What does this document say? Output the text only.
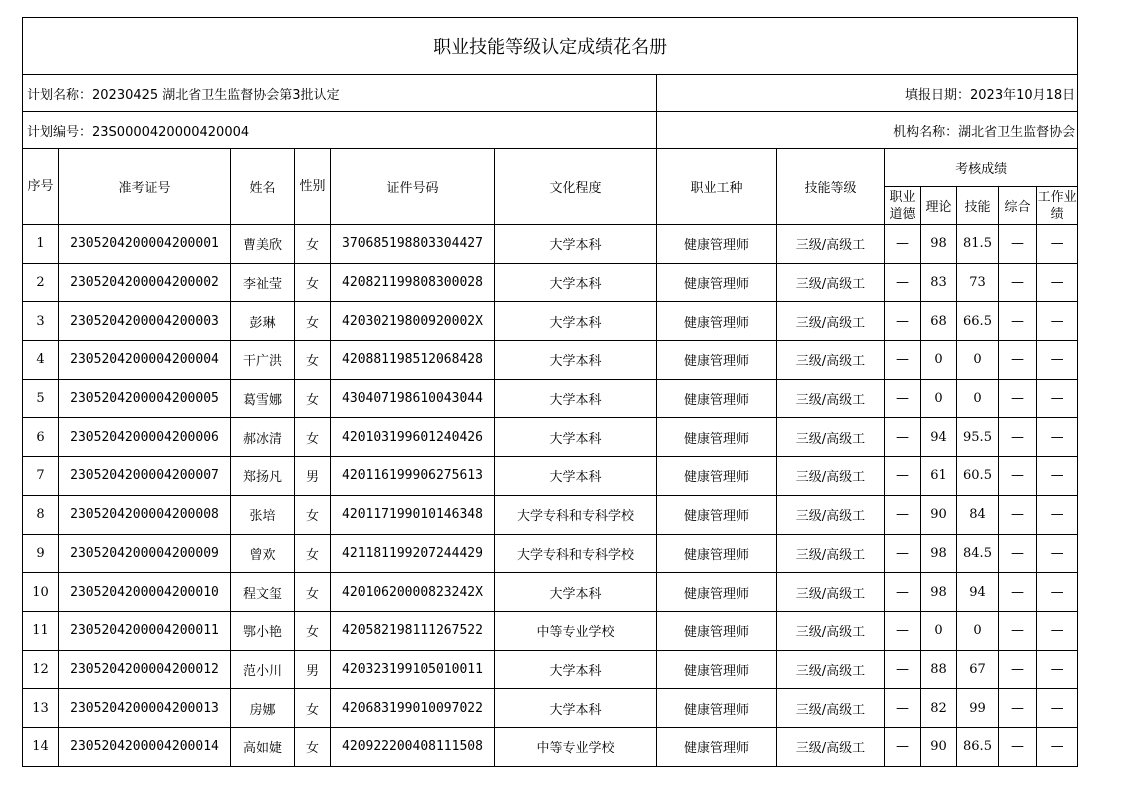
职业技能等级认定成绩花名册												
计划名称：20230425 湖北省卫生监督协会第3批认定						填报日期：2023年10月18日						
计划编号：23S0000420000420004						机构名称：湖北省卫生监督协会						
序号	准考证号	姓名	性别	证件号码	文化程度	职业工种	技能等级	考核成绩				
								职业道德	理论	技能	综合	工作业绩
1	2305204200004200001	曹美欣	女	370685198803304427	大学本科	健康管理师	三级/高级工	—	98	81.5	—	—
2	2305204200004200002	李祉莹	女	420821199808300028	大学本科	健康管理师	三级/高级工	—	83	73	—	—
3	2305204200004200003	彭琳	女	42030219800920002X	大学本科	健康管理师	三级/高级工	—	68	66.5	—	—
4	2305204200004200004	干广洪	女	420881198512068428	大学本科	健康管理师	三级/高级工	—	0	0	—	—
5	2305204200004200005	葛雪娜	女	430407198610043044	大学本科	健康管理师	三级/高级工	—	0	0	—	—
6	2305204200004200006	郝冰清	女	420103199601240426	大学本科	健康管理师	三级/高级工	—	94	95.5	—	—
7	2305204200004200007	郑扬凡	男	420116199906275613	大学本科	健康管理师	三级/高级工	—	61	60.5	—	—
8	2305204200004200008	张培	女	420117199010146348	大学专科和专科学校	健康管理师	三级/高级工	—	90	84	—	—
9	2305204200004200009	曾欢	女	421181199207244429	大学专科和专科学校	健康管理师	三级/高级工	—	98	84.5	—	—
10	2305204200004200010	程文玺	女	42010620000823242X	大学本科	健康管理师	三级/高级工	—	98	94	—	—
11	2305204200004200011	鄂小艳	女	420582198111267522	中等专业学校	健康管理师	三级/高级工	—	0	0	—	—
12	2305204200004200012	范小川	男	420323199105010011	大学本科	健康管理师	三级/高级工	—	88	67	—	—
13	2305204200004200013	房娜	女	420683199010097022	大学本科	健康管理师	三级/高级工	—	82	99	—	—
14	2305204200004200014	高如婕	女	420922200408111508	中等专业学校	健康管理师	三级/高级工	—	90	86.5	—	—
